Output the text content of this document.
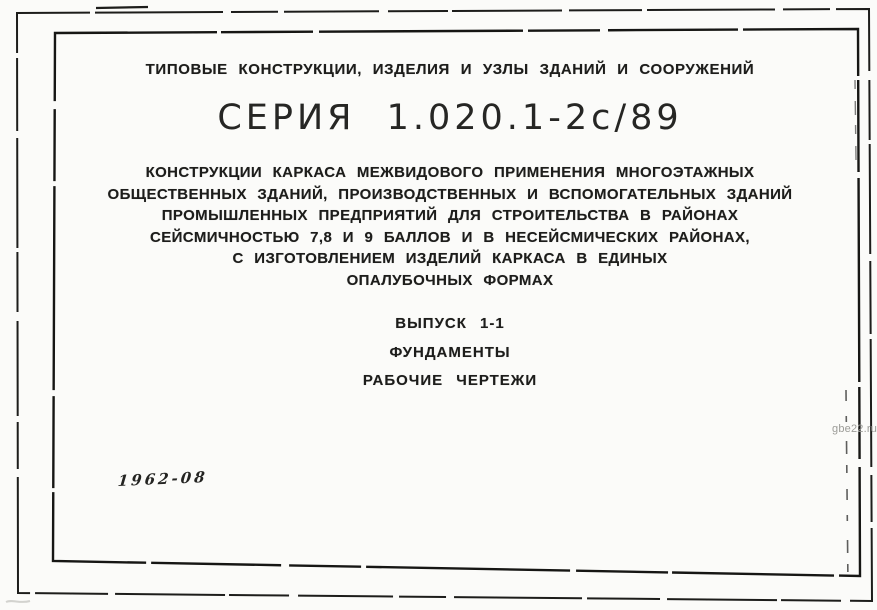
ТИПОВЫЕ КОНСТРУКЦИИ, ИЗДЕЛИЯ И УЗЛЫ ЗДАНИЙ И СООРУЖЕНИЙ
СЕРИЯ 1.020.1-2с/89
КОНСТРУКЦИИ КАРКАСА МЕЖВИДОВОГО ПРИМЕНЕНИЯ МНОГОЭТАЖНЫХ
ОБЩЕСТВЕННЫХ ЗДАНИЙ, ПРОИЗВОДСТВЕННЫХ И ВСПОМОГАТЕЛЬНЫХ ЗДАНИЙ
ПРОМЫШЛЕННЫХ ПРЕДПРИЯТИЙ ДЛЯ СТРОИТЕЛЬСТВА В РАЙОНАХ
СЕЙСМИЧНОСТЬЮ 7,8 И 9 БАЛЛОВ И В НЕСЕЙСМИЧЕСКИХ РАЙОНАХ,
С ИЗГОТОВЛЕНИЕМ ИЗДЕЛИЙ КАРКАСА В ЕДИНЫХ
ОПАЛУБОЧНЫХ ФОРМАХ
ВЫПУСК 1-1
ФУНДАМЕНТЫ
РАБОЧИЕ ЧЕРТЕЖИ
1962-08
gbe22.ru
